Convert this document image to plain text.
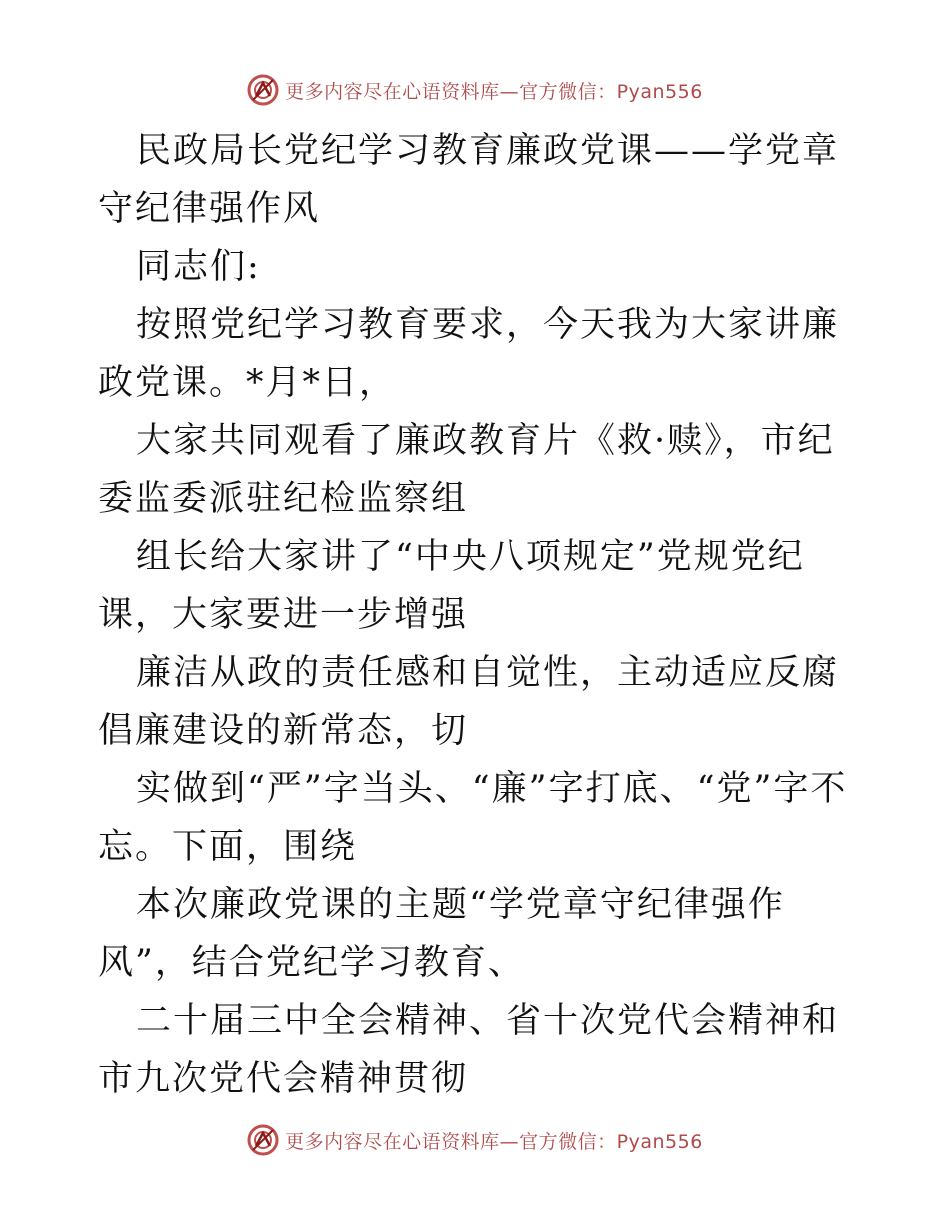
更多内容尽在心语资料库—官方微信：Pyan556

民政局长党纪学习教育廉政党课——学党章守纪律强作风

同志们:

按照党纪学习教育要求，今天我为大家讲廉政党课。*月*日，

大家共同观看了廉政教育片《救·赎》，市纪委监委派驻纪检监察组

组长给大家讲了“中央八项规定”党规党纪课，大家要进一步增强

廉洁从政的责任感和自觉性，主动适应反腐倡廉建设的新常态，切

实做到“严”字当头、“廉”字打底、“党”字不忘。下面，围绕

本次廉政党课的主题“学党章守纪律强作风”，结合党纪学习教育、

二十届三中全会精神、省十次党代会精神和市九次党代会精神贯彻

更多内容尽在心语资料库—官方微信：Pyan556
